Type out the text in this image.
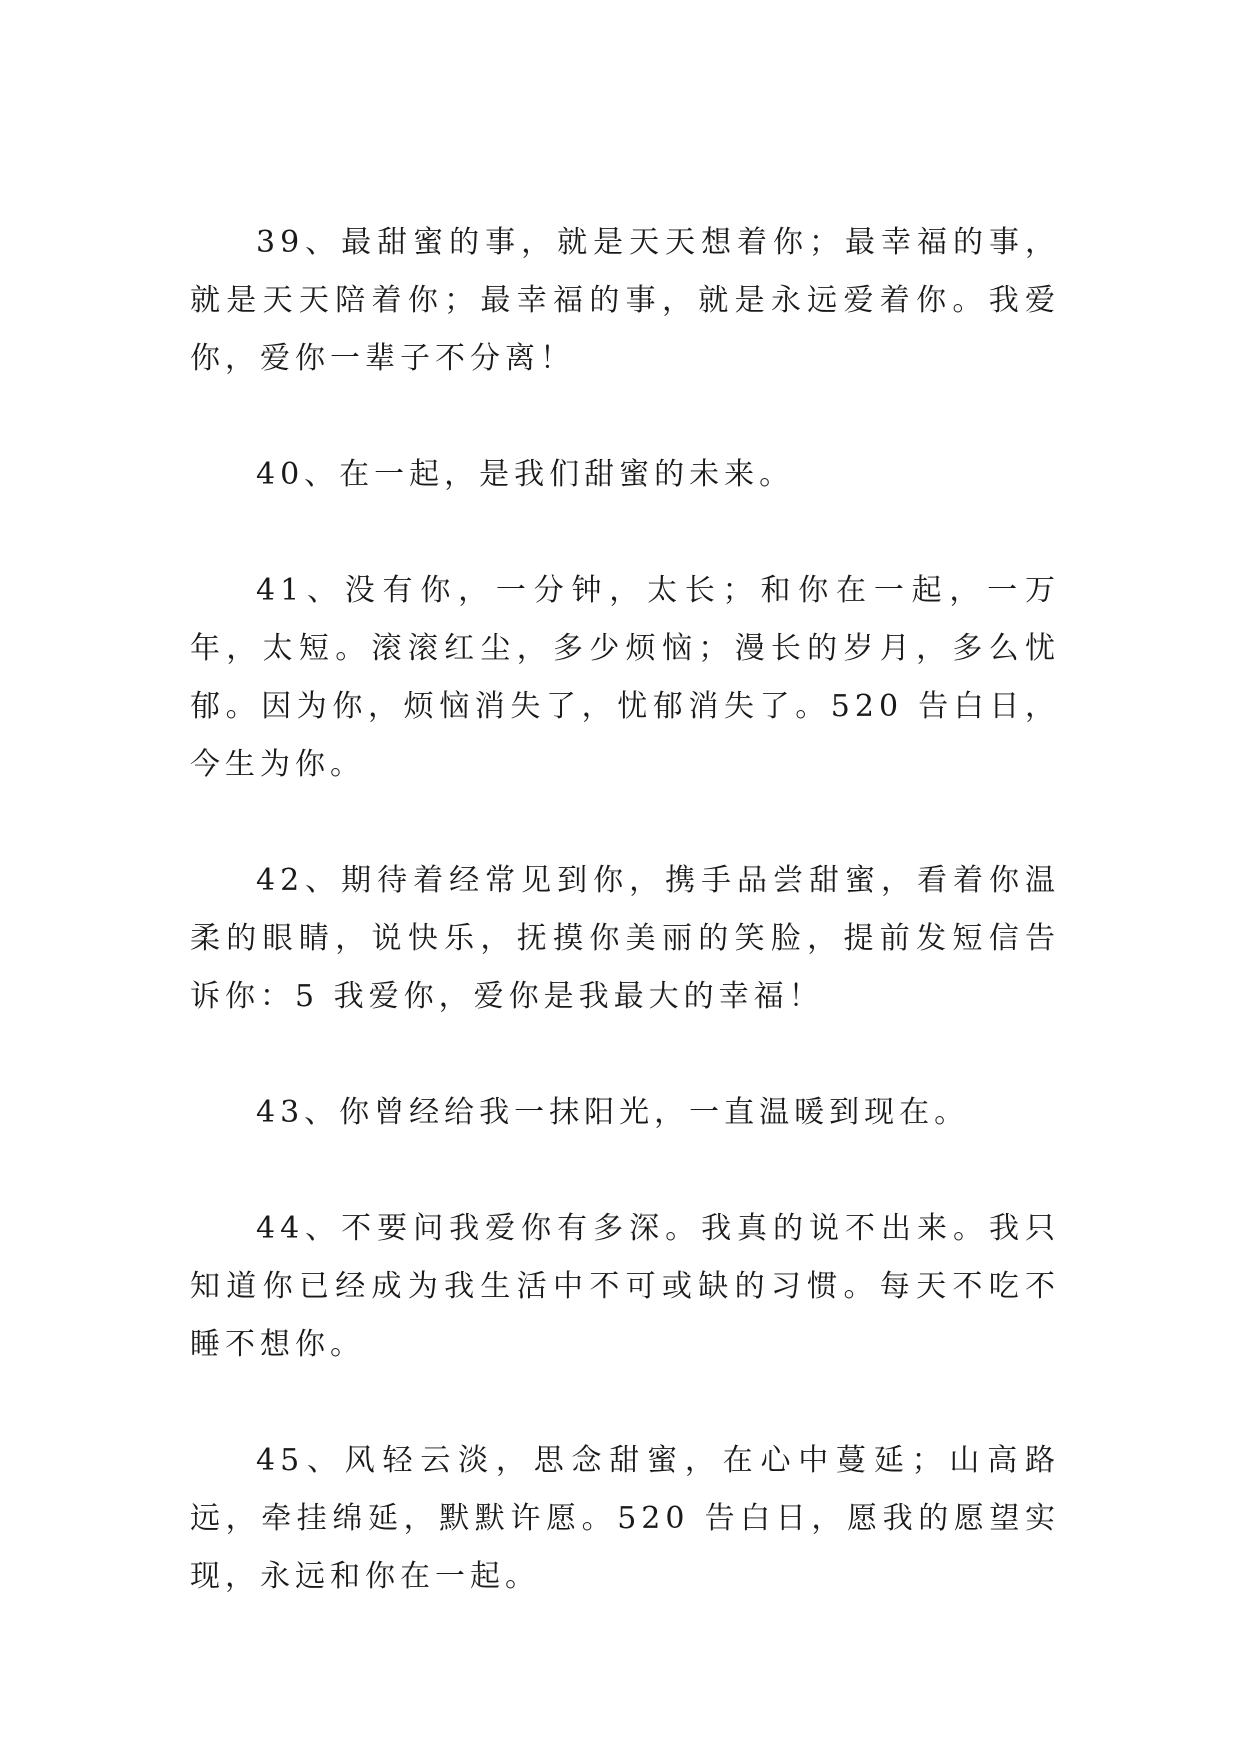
39、最甜蜜的事，就是天天想着你；最幸福的事，就是天天陪着你；最幸福的事，就是永远爱着你。我爱你，爱你一辈子不分离！

40、在一起，是我们甜蜜的未来。

41、没有你，一分钟，太长；和你在一起，一万年，太短。滚滚红尘，多少烦恼；漫长的岁月，多么忧郁。因为你，烦恼消失了，忧郁消失了。520 告白日，今生为你。

42、期待着经常见到你，携手品尝甜蜜，看着你温柔的眼睛，说快乐，抚摸你美丽的笑脸，提前发短信告诉你：5 我爱你，爱你是我最大的幸福！

43、你曾经给我一抹阳光，一直温暖到现在。

44、不要问我爱你有多深。我真的说不出来。我只知道你已经成为我生活中不可或缺的习惯。每天不吃不睡不想你。

45、风轻云淡，思念甜蜜，在心中蔓延；山高路远，牵挂绵延，默默许愿。520 告白日，愿我的愿望实现，永远和你在一起。
